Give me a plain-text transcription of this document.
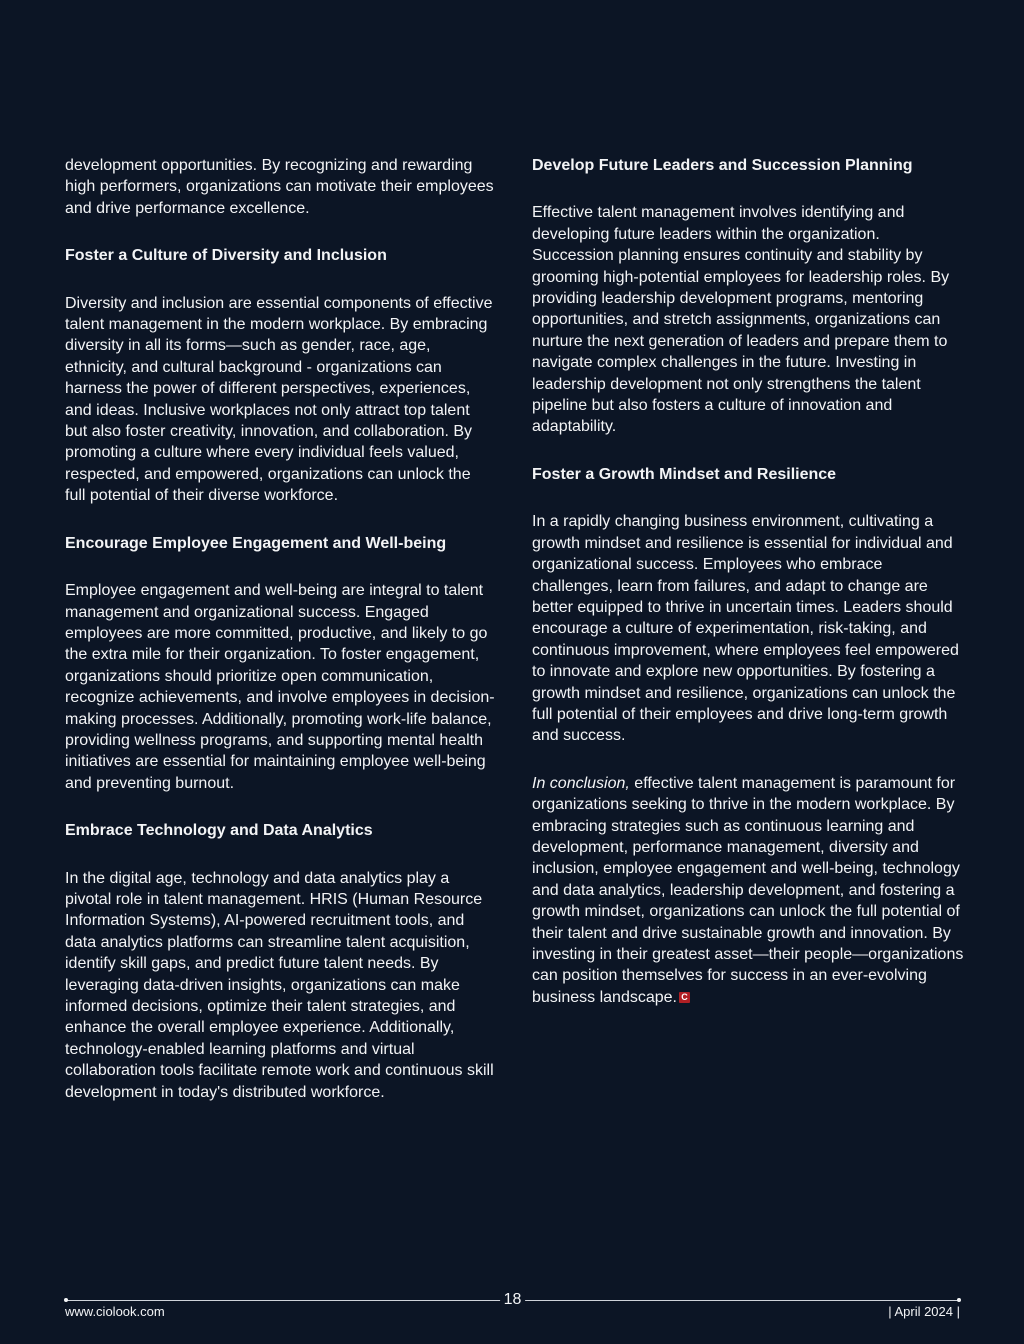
development opportunities. By recognizing and rewarding high performers, organizations can motivate their employees and drive performance excellence.

Foster a Culture of Diversity and Inclusion

Diversity and inclusion are essential components of effective talent management in the modern workplace. By embracing diversity in all its forms—such as gender, race, age, ethnicity, and cultural background - organizations can harness the power of different perspectives, experiences, and ideas. Inclusive workplaces not only attract top talent but also foster creativity, innovation, and collaboration. By promoting a culture where every individual feels valued, respected, and empowered, organizations can unlock the full potential of their diverse workforce.

Encourage Employee Engagement and Well-being

Employee engagement and well-being are integral to talent management and organizational success. Engaged employees are more committed, productive, and likely to go the extra mile for their organization. To foster engagement, organizations should prioritize open communication, recognize achievements, and involve employees in decision-making processes. Additionally, promoting work-life balance, providing wellness programs, and supporting mental health initiatives are essential for maintaining employee well-being and preventing burnout.

Embrace Technology and Data Analytics

In the digital age, technology and data analytics play a pivotal role in talent management. HRIS (Human Resource Information Systems), AI-powered recruitment tools, and data analytics platforms can streamline talent acquisition, identify skill gaps, and predict future talent needs. By leveraging data-driven insights, organizations can make informed decisions, optimize their talent strategies, and enhance the overall employee experience. Additionally, technology-enabled learning platforms and virtual collaboration tools facilitate remote work and continuous skill development in today's distributed workforce.

Develop Future Leaders and Succession Planning

Effective talent management involves identifying and developing future leaders within the organization. Succession planning ensures continuity and stability by grooming high-potential employees for leadership roles. By providing leadership development programs, mentoring opportunities, and stretch assignments, organizations can nurture the next generation of leaders and prepare them to navigate complex challenges in the future. Investing in leadership development not only strengthens the talent pipeline but also fosters a culture of innovation and adaptability.

Foster a Growth Mindset and Resilience

In a rapidly changing business environment, cultivating a growth mindset and resilience is essential for individual and organizational success. Employees who embrace challenges, learn from failures, and adapt to change are better equipped to thrive in uncertain times. Leaders should encourage a culture of experimentation, risk-taking, and continuous improvement, where employees feel empowered to innovate and explore new opportunities. By fostering a growth mindset and resilience, organizations can unlock the full potential of their employees and drive long-term growth and success.

In conclusion, effective talent management is paramount for organizations seeking to thrive in the modern workplace. By embracing strategies such as continuous learning and development, performance management, diversity and inclusion, employee engagement and well-being, technology and data analytics, leadership development, and fostering a growth mindset, organizations can unlock the full potential of their talent and drive sustainable growth and innovation. By investing in their greatest asset—their people—organizations can position themselves for success in an ever-evolving business landscape. C

18
www.ciolook.com	| April 2024 |
